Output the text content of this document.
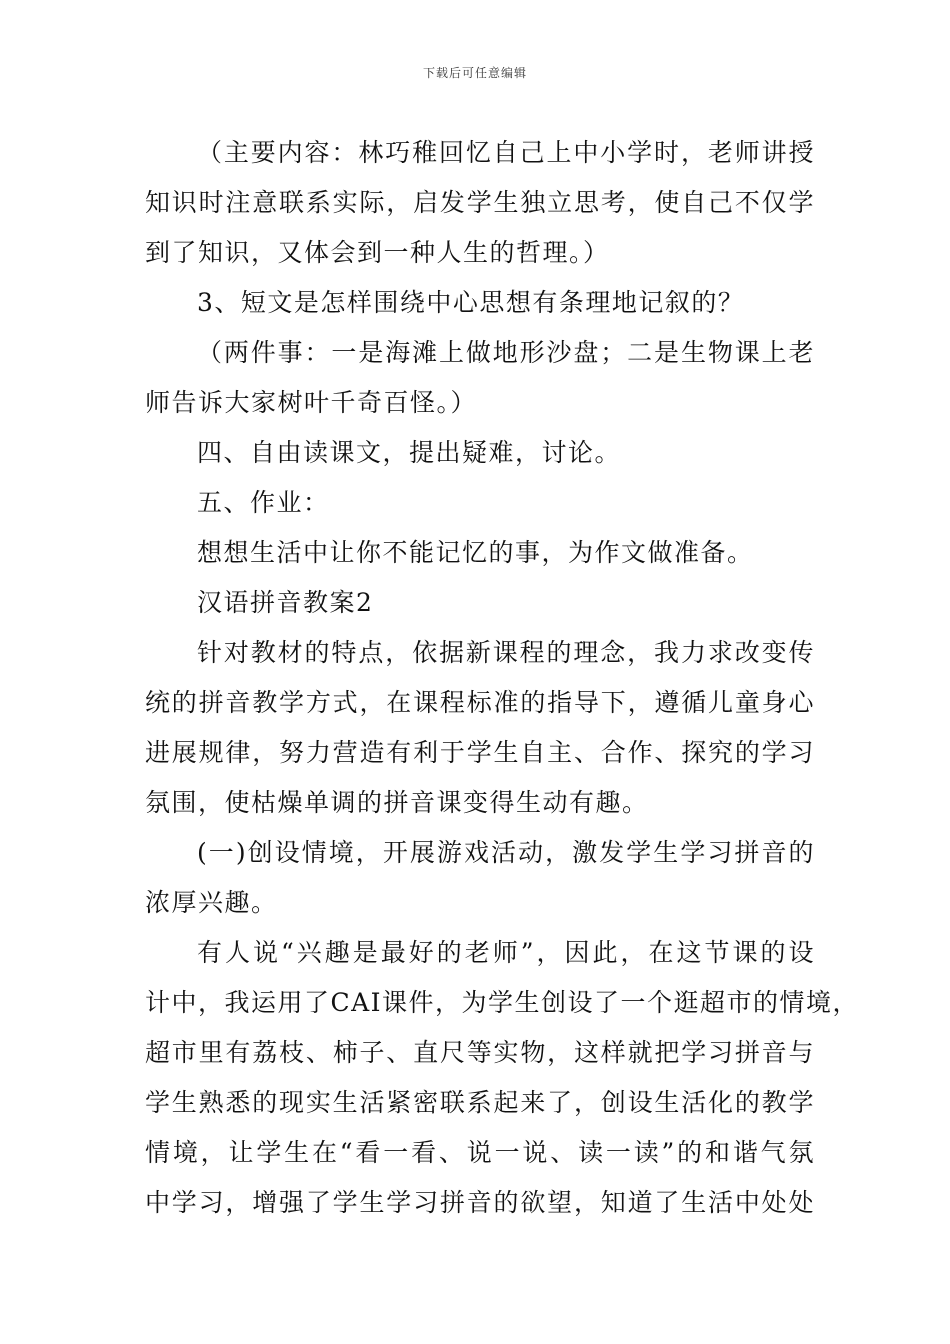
下载后可任意编辑
（主要内容：林巧稚回忆自己上中小学时，老师讲授
知识时注意联系实际，启发学生独立思考，使自己不仅学
到了知识，又体会到一种人生的哲理。）
3、短文是怎样围绕中心思想有条理地记叙的？
（两件事：一是海滩上做地形沙盘；二是生物课上老
师告诉大家树叶千奇百怪。）
四、自由读课文，提出疑难，讨论。
五、作业：
想想生活中让你不能记忆的事，为作文做准备。
汉语拼音教案2
针对教材的特点，依据新课程的理念，我力求改变传
统的拼音教学方式，在课程标准的指导下，遵循儿童身心
进展规律，努力营造有利于学生自主、合作、探究的学习
氛围，使枯燥单调的拼音课变得生动有趣。
(一)创设情境，开展游戏活动，激发学生学习拼音的
浓厚兴趣。
有人说“兴趣是最好的老师”，因此，在这节课的设
计中，我运用了CAI课件，为学生创设了一个逛超市的情境，
超市里有荔枝、柿子、直尺等实物，这样就把学习拼音与
学生熟悉的现实生活紧密联系起来了，创设生活化的教学
情境，让学生在“看一看、说一说、读一读”的和谐气氛
中学习，增强了学生学习拼音的欲望，知道了生活中处处
